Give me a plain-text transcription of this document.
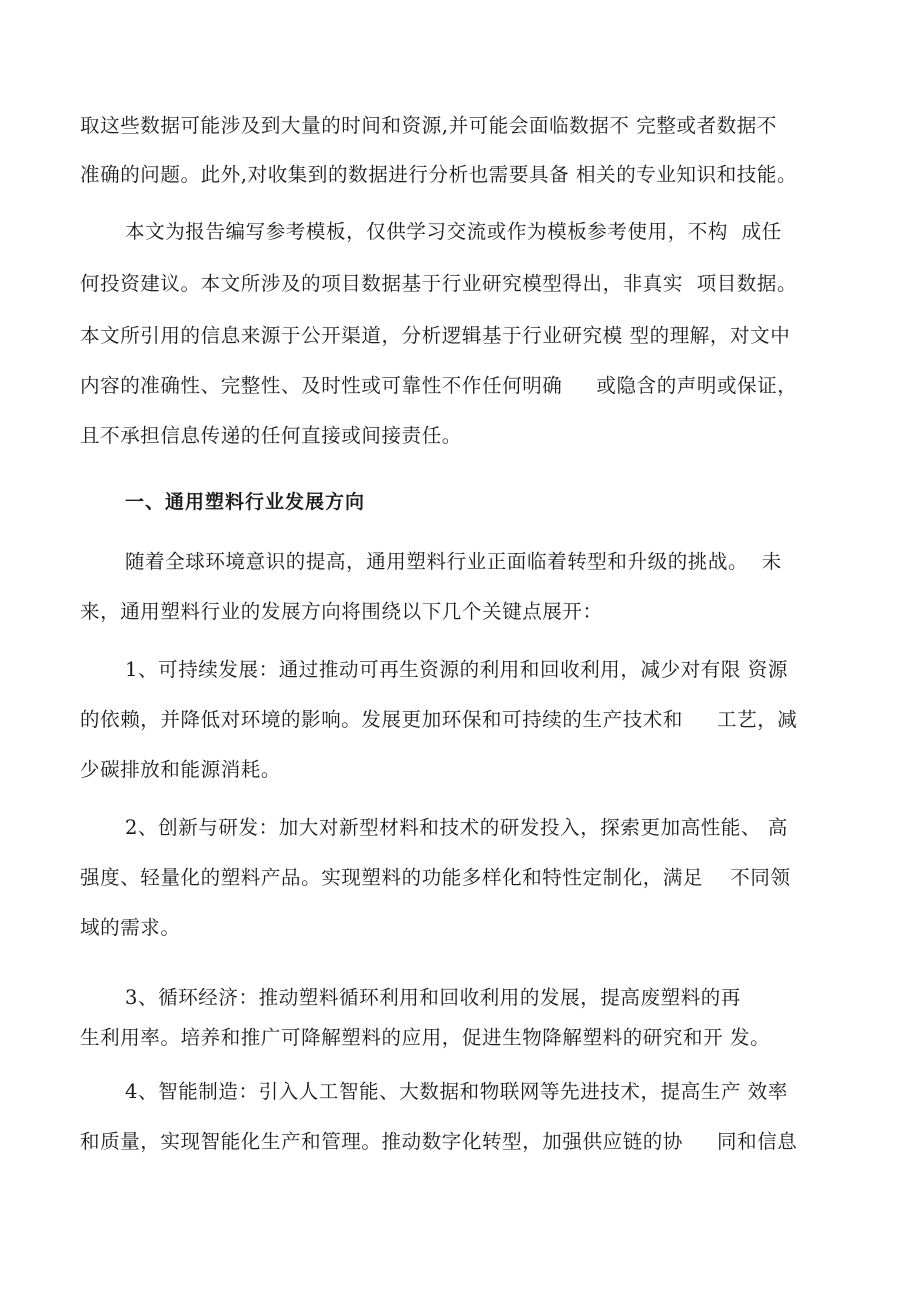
取这些数据可能涉及到大量的时间和资源,并可能会面临数据不 完整或者数据不
准确的问题。此外,对收集到的数据进行分析也需要具备 相关的专业知识和技能。
本文为报告编写参考模板，仅供学习交流或作为模板参考使用，不构  成任
何投资建议。本文所涉及的项目数据基于行业研究模型得出，非真实  项目数据。
本文所引用的信息来源于公开渠道，分析逻辑基于行业研究模 型的理解，对文中
内容的准确性、完整性、及时性或可靠性不作任何明确     或隐含的声明或保证，
且不承担信息传递的任何直接或间接责任。
一、通用塑料行业发展方向
随着全球环境意识的提高，通用塑料行业正面临着转型和升级的挑战。  未
来，通用塑料行业的发展方向将围绕以下几个关键点展开：
1、可持续发展：通过推动可再生资源的利用和回收利用，减少对有限 资源
的依赖，并降低对环境的影响。发展更加环保和可持续的生产技术和     工艺，减
少碳排放和能源消耗。
2、创新与研发：加大对新型材料和技术的研发投入，探索更加高性能、 高
强度、轻量化的塑料产品。实现塑料的功能多样化和特性定制化，满足    不同领
域的需求。
3、循环经济：推动塑料循环利用和回收利用的发展，提高废塑料的再
生利用率。培养和推广可降解塑料的应用，促进生物降解塑料的研究和开 发。
4、智能制造：引入人工智能、大数据和物联网等先进技术，提高生产 效率
和质量，实现智能化生产和管理。推动数字化转型，加强供应链的协     同和信息
